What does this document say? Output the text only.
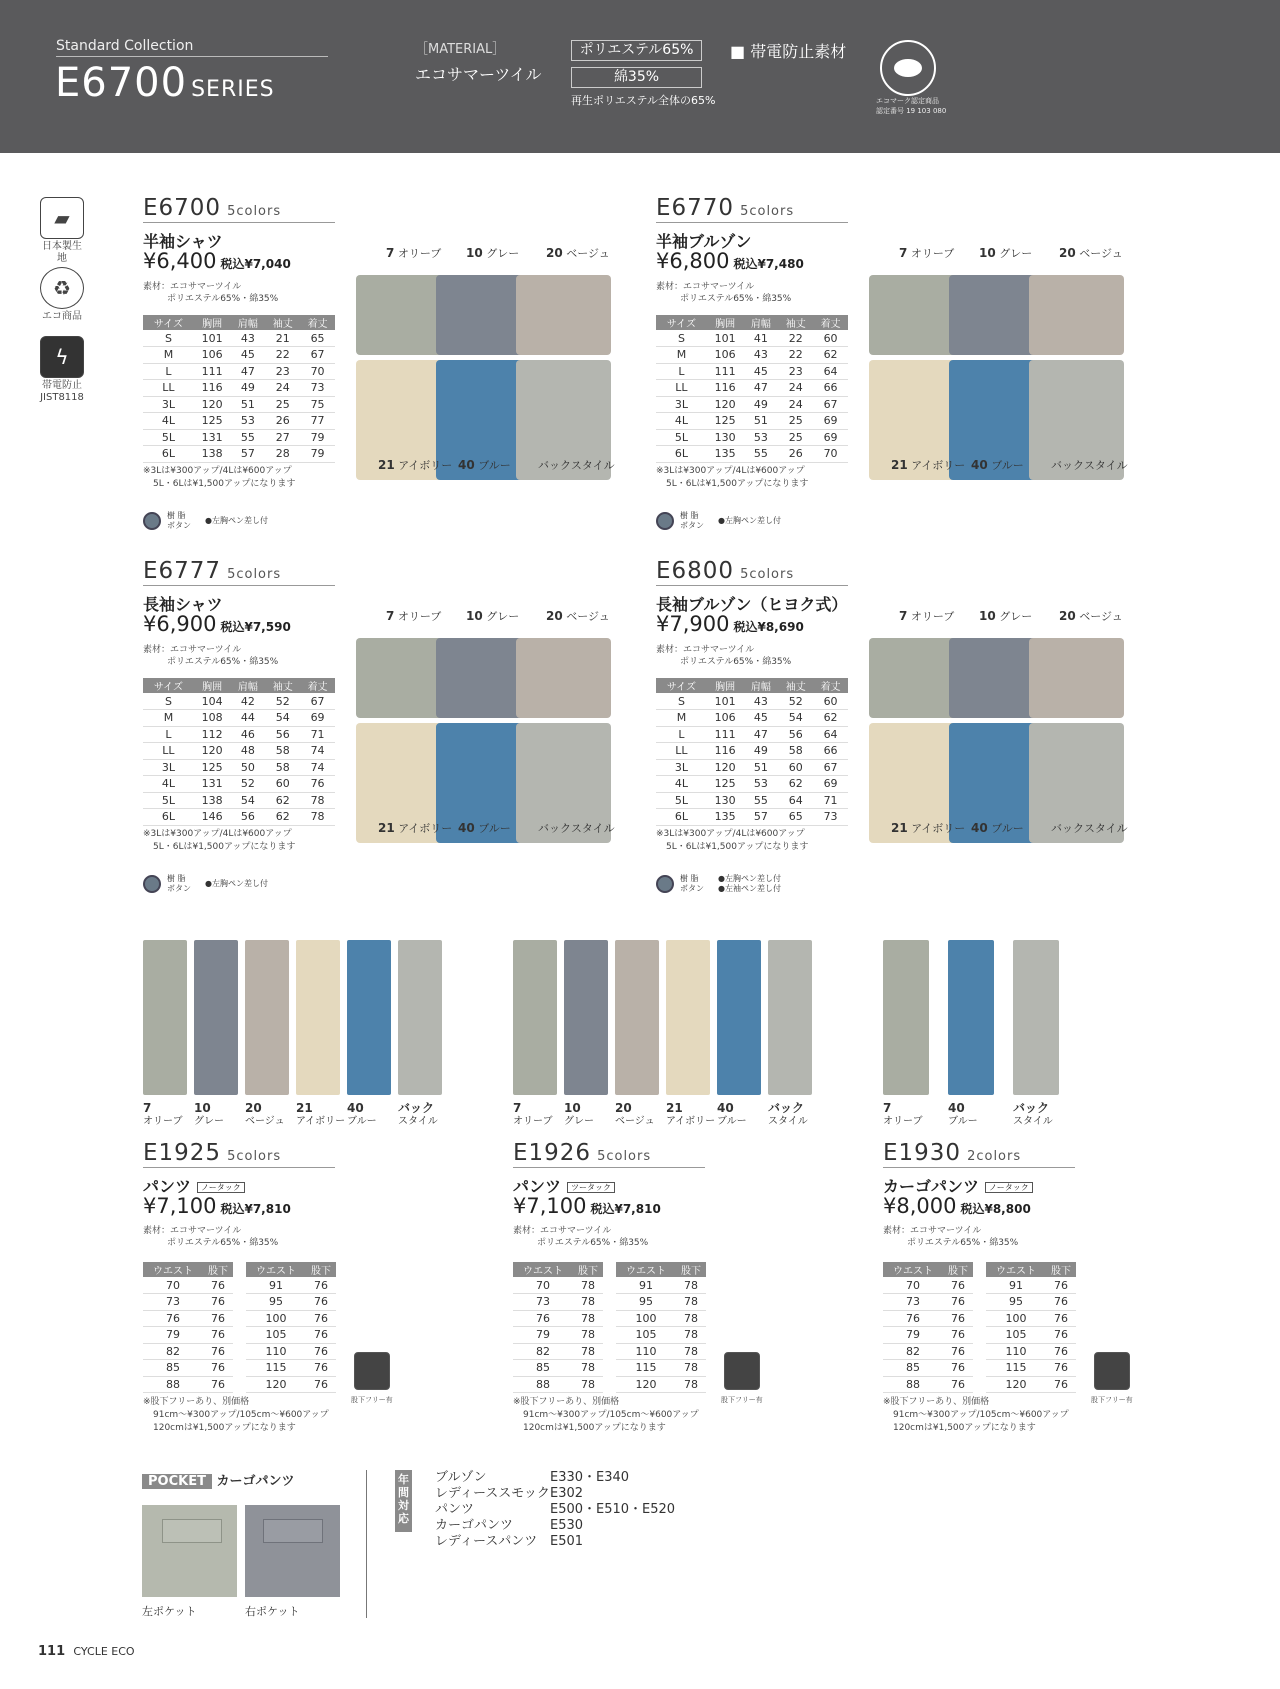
Standard Collection
E6700 SERIES
［MATERIAL］
エコサマーツイル
ポリエステル65%
綿35%
再生ポリエステル全体の65%
■ 帯電防止素材
エコマーク認定商品
認定番号 19 103 080
▰
日本製生地
♻
エコ商品
ϟ
帯電防止
JIST8118
E6700 5colors
半袖シャツ
¥6,400 税込¥7,040
素材：エコサマーツイル
ポリエステル65%・綿35%
サイズ	胸囲	肩幅	袖丈	着丈
S	101	43	21	65
M	106	45	22	67
L	111	47	23	70
LL	116	49	24	73
3L	120	51	25	75
4L	125	53	26	77
5L	131	55	27	79
6L	138	57	28	79
※3Lは¥300アップ/4Lは¥600アップ
5L・6Lは¥1,500アップになります
樹 脂
ボタン
●左胸ペン差し付
7 オリーブ 10 グレー 20 ベージュ
21 アイボリー 40 ブルー バックスタイル
E6770 5colors
半袖ブルゾン
¥6,800 税込¥7,480
素材：エコサマーツイル
ポリエステル65%・綿35%
サイズ	胸囲	肩幅	袖丈	着丈
S	101	41	22	60
M	106	43	22	62
L	111	45	23	64
LL	116	47	24	66
3L	120	49	24	67
4L	125	51	25	69
5L	130	53	25	69
6L	135	55	26	70
※3Lは¥300アップ/4Lは¥600アップ
5L・6Lは¥1,500アップになります
樹 脂
ボタン
●左胸ペン差し付
7 オリーブ 10 グレー 20 ベージュ
21 アイボリー 40 ブルー バックスタイル
E6777 5colors
長袖シャツ
¥6,900 税込¥7,590
素材：エコサマーツイル
ポリエステル65%・綿35%
サイズ	胸囲	肩幅	袖丈	着丈
S	104	42	52	67
M	108	44	54	69
L	112	46	56	71
LL	120	48	58	74
3L	125	50	58	74
4L	131	52	60	76
5L	138	54	62	78
6L	146	56	62	78
※3Lは¥300アップ/4Lは¥600アップ
5L・6Lは¥1,500アップになります
樹 脂
ボタン
●左胸ペン差し付
7 オリーブ 10 グレー 20 ベージュ
21 アイボリー 40 ブルー バックスタイル
E6800 5colors
長袖ブルゾン（ヒヨク式）
¥7,900 税込¥8,690
素材：エコサマーツイル
ポリエステル65%・綿35%
サイズ	胸囲	肩幅	袖丈	着丈
S	101	43	52	60
M	106	45	54	62
L	111	47	56	64
LL	116	49	58	66
3L	120	51	60	67
4L	125	53	62	69
5L	130	55	64	71
6L	135	57	65	73
※3Lは¥300アップ/4Lは¥600アップ
5L・6Lは¥1,500アップになります
樹 脂
ボタン
●左胸ペン差し付
●左袖ペン差し付
7 オリーブ 10 グレー 20 ベージュ
21 アイボリー 40 ブルー バックスタイル
7
オリーブ
10
グレー
20
ベージュ
21
アイボリー
40
ブルー
バック
スタイル
E1925 5colors
パンツ ノータック
¥7,100 税込¥7,810
素材：エコサマーツイル
ポリエステル65%・綿35%
ウエスト	股下
70	76
73	76
76	76
79	76
82	76
85	76
88	76
ウエスト	股下
91	76
95	76
100	76
105	76
110	76
115	76
120	76
股下フリー有
※股下フリーあり、別価格
91cm〜¥300アップ/105cm〜¥600アップ
120cmは¥1,500アップになります
7
オリーブ
10
グレー
20
ベージュ
21
アイボリー
40
ブルー
バック
スタイル
E1926 5colors
パンツ ツータック
¥7,100 税込¥7,810
素材：エコサマーツイル
ポリエステル65%・綿35%
ウエスト	股下
70	78
73	78
76	78
79	78
82	78
85	78
88	78
ウエスト	股下
91	78
95	78
100	78
105	78
110	78
115	78
120	78
股下フリー有
※股下フリーあり、別価格
91cm〜¥300アップ/105cm〜¥600アップ
120cmは¥1,500アップになります
7
オリーブ
40
ブルー
バック
スタイル
E1930 2colors
カーゴパンツ ノータック
¥8,000 税込¥8,800
素材：エコサマーツイル
ポリエステル65%・綿35%
ウエスト	股下
70	76
73	76
76	76
79	76
82	76
85	76
88	76
ウエスト	股下
91	76
95	76
100	76
105	76
110	76
115	76
120	76
股下フリー有
※股下フリーあり、別価格
91cm〜¥300アップ/105cm〜¥600アップ
120cmは¥1,500アップになります
POCKET カーゴパンツ
左ポケット	右ポケット
年間対応
ブルゾン	E330・E340
レディーススモックE302
パンツ	E500・E510・E520
カーゴパンツ	E530
レディースパンツ E501
111 CYCLE ECO
